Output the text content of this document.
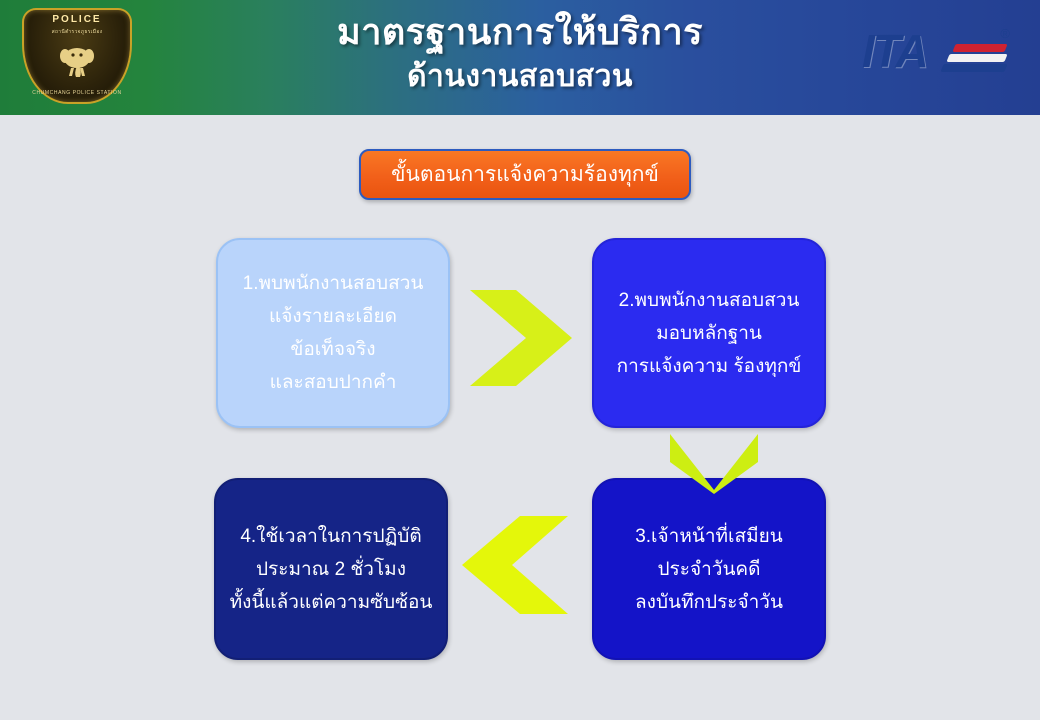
POLICE
สถานีตำรวจภูธรเมือง
CHUMCHANG POLICE STATION
มาตรฐานการให้บริการ
ด้านงานสอบสวน	ITA	®
ขั้นตอนการแจ้งความร้องทุกข์
1.พบพนักงานสอบสวน
แจ้งรายละเอียด
ข้อเท็จจริง
และสอบปากคำ
2.พบพนักงานสอบสวน
มอบหลักฐาน
การแจ้งความ ร้องทุกข์
3.เจ้าหน้าที่เสมียน
ประจำวันคดี
ลงบันทึกประจำวัน
4.ใช้เวลาในการปฏิบัติ
ประมาณ 2 ชั่วโมง
ทั้งนี้แล้วแต่ความซับซ้อน
